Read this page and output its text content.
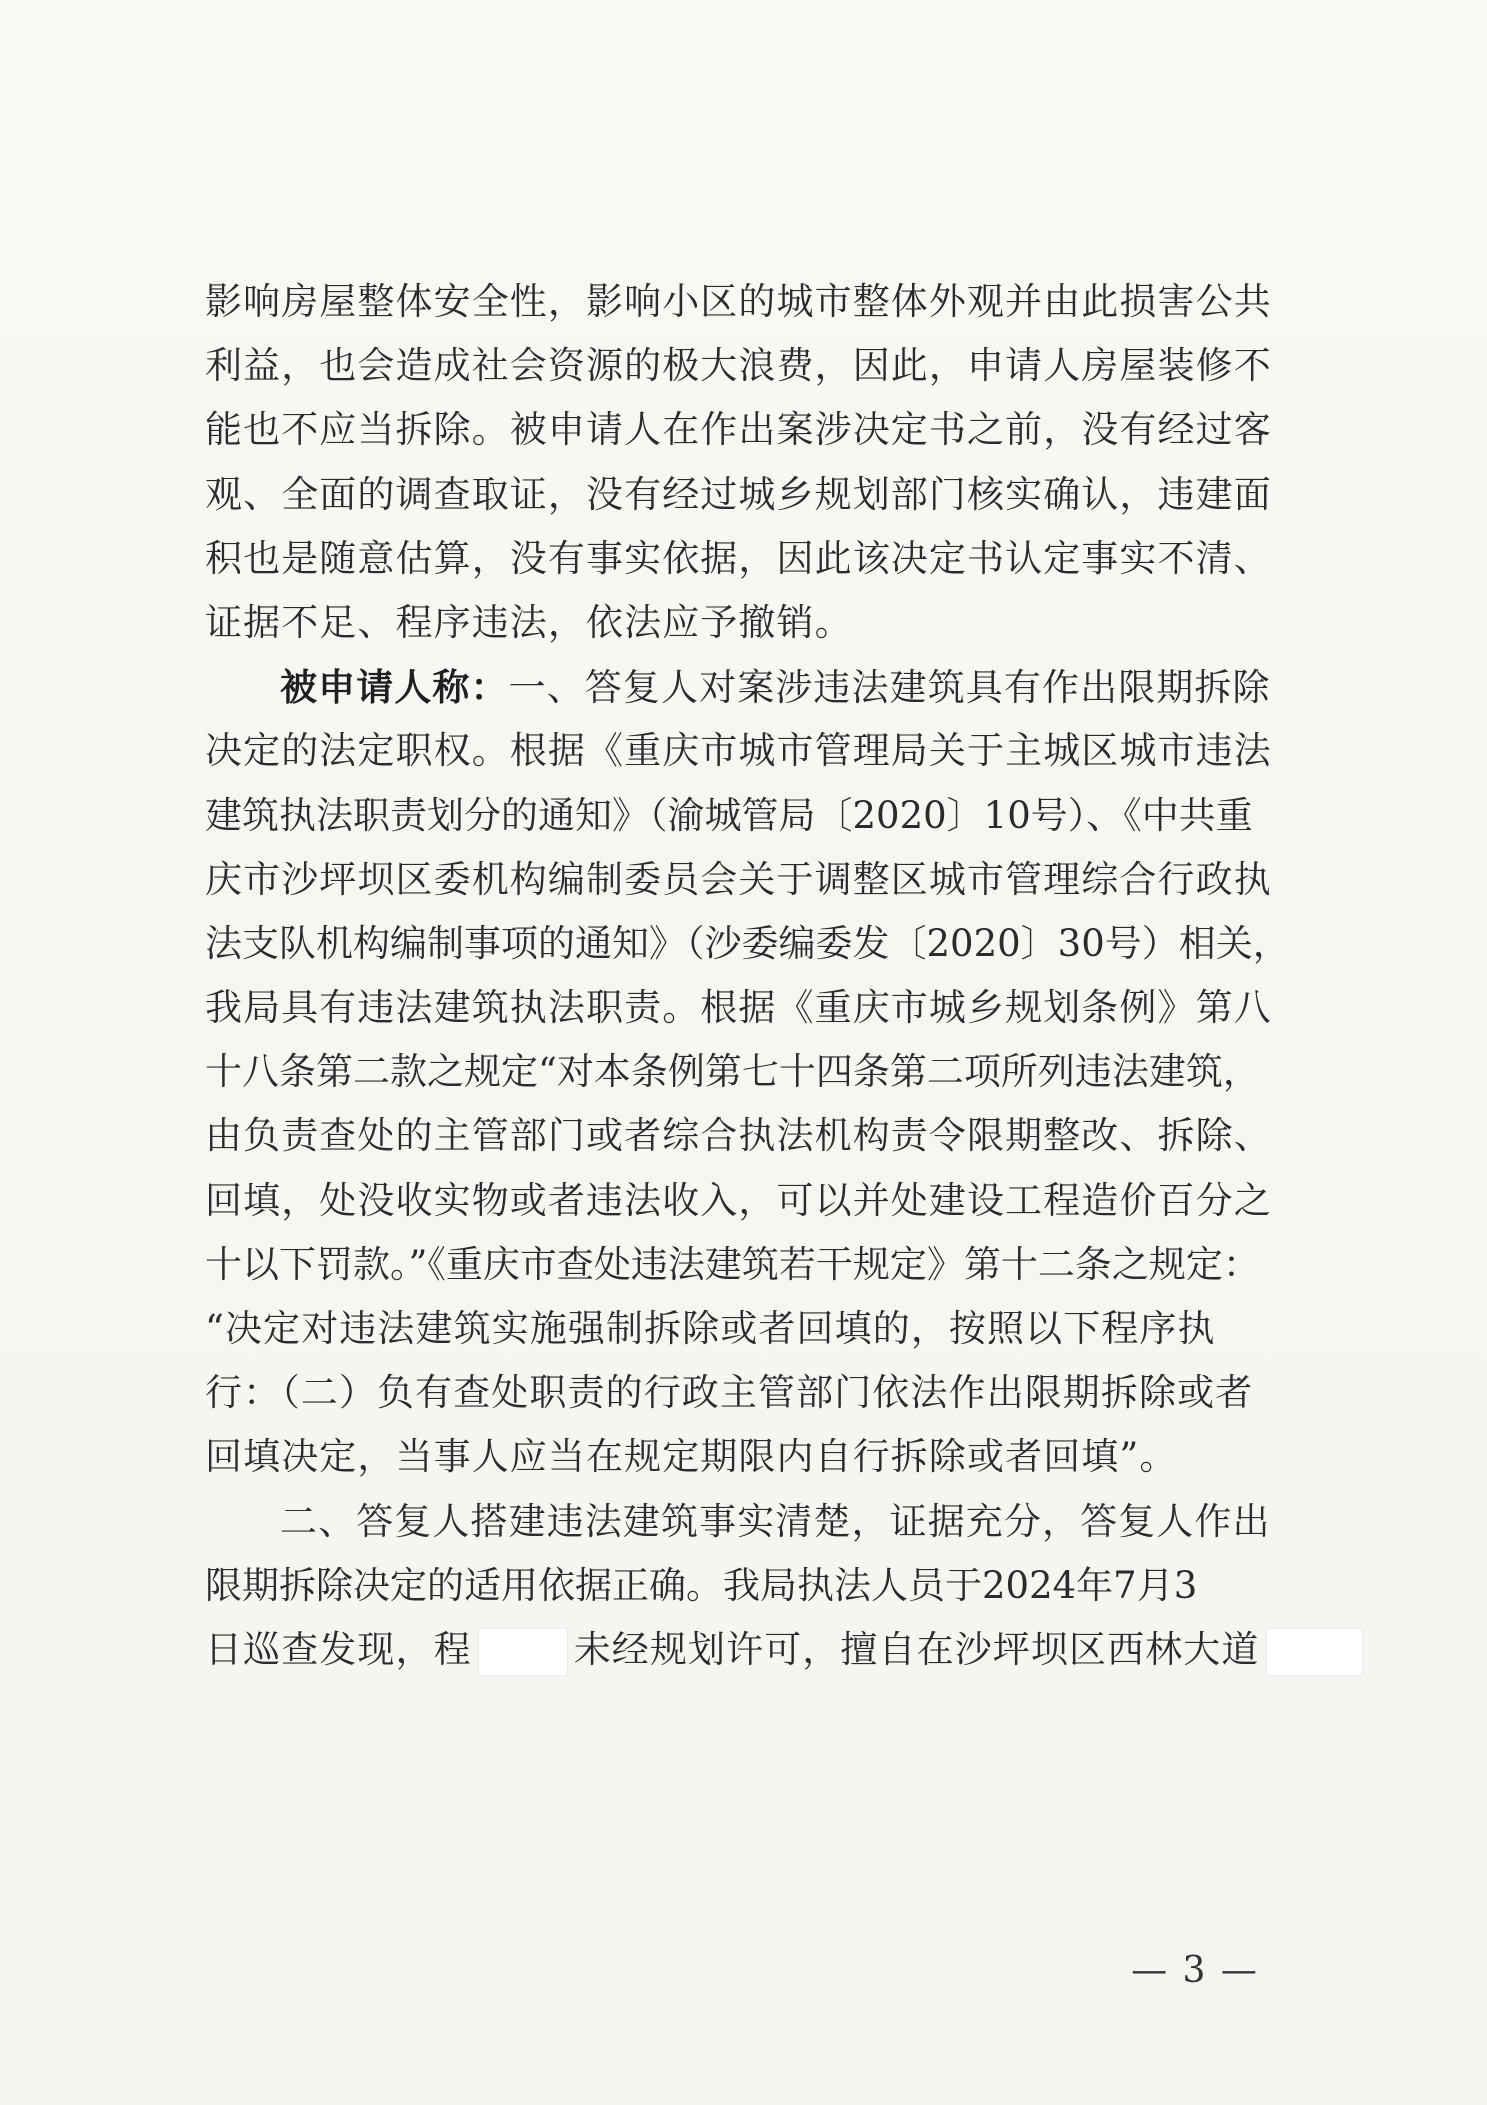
影响房屋整体安全性，影响小区的城市整体外观并由此损害公共
利益，也会造成社会资源的极大浪费，因此，申请人房屋装修不
能也不应当拆除。被申请人在作出案涉决定书之前，没有经过客
观、全面的调查取证，没有经过城乡规划部门核实确认，违建面
积也是随意估算，没有事实依据，因此该决定书认定事实不清、
证据不足、程序违法，依法应予撤销。
被申请人称：一、答复人对案涉违法建筑具有作出限期拆除
决定的法定职权。根据《重庆市城市管理局关于主城区城市违法
建筑执法职责划分的通知》（渝城管局〔2020〕10号）、《中共重
庆市沙坪坝区委机构编制委员会关于调整区城市管理综合行政执
法支队机构编制事项的通知》（沙委编委发〔2020〕30号）相关，
我局具有违法建筑执法职责。根据《重庆市城乡规划条例》第八
十八条第二款之规定“对本条例第七十四条第二项所列违法建筑，
由负责查处的主管部门或者综合执法机构责令限期整改、拆除、
回填，处没收实物或者违法收入，可以并处建设工程造价百分之
十以下罚款。”《重庆市查处违法建筑若干规定》第十二条之规定：
“决定对违法建筑实施强制拆除或者回填的，按照以下程序执
行：（二）负有查处职责的行政主管部门依法作出限期拆除或者
回填决定，当事人应当在规定期限内自行拆除或者回填”。
二、答复人搭建违法建筑事实清楚，证据充分，答复人作出
限期拆除决定的适用依据正确。我局执法人员于2024年7月3
日巡查发现，程	未经规划许可，擅自在沙坪坝区西林大道
— 3 —
